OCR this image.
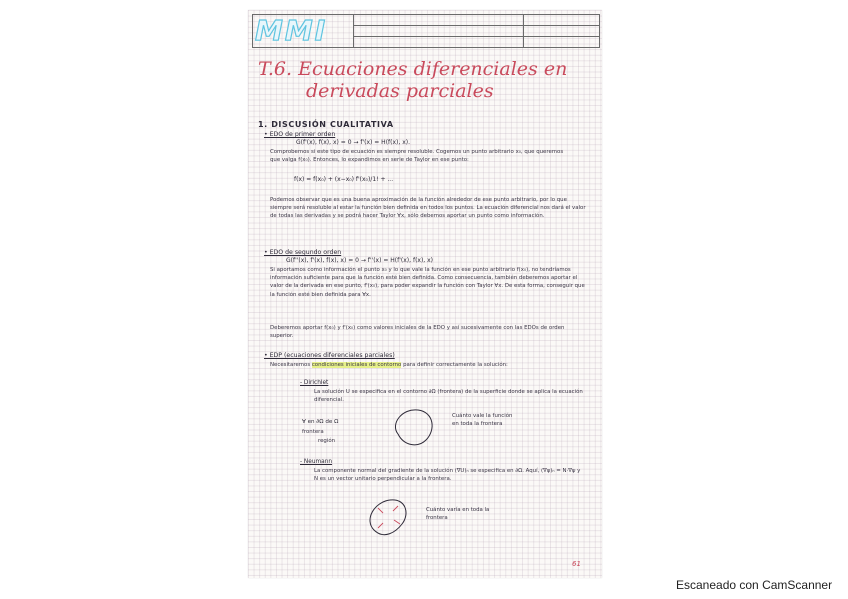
MMI
T.6. Ecuaciones diferenciales en
derivadas parciales
1. DISCUSIÓN CUALITATIVA
• EDO de primer orden
G(f'(x), f(x), x) = 0 → f'(x) = H(f(x), x).
Comprobemos si este tipo de ecuación es siempre resoluble. Cogemos un punto arbitrario x₀, que queremos que valga f(x₀). Entonces, lo expandimos en serie de Taylor en ese punto:
f(x) = f(x₀) + (x−x₀) f'(x₀)/1! + ...
Podemos observar que es una buena aproximación de la función alrededor de ese punto arbitrario, por lo que siempre será resoluble al estar la función bien definida en todos los puntos. La ecuación diferencial nos dará el valor de todas las derivadas y se podrá hacer Taylor ∀x, sólo debemos aportar un punto como información.
• EDO de segundo orden
G(f''(x), f'(x), f(x), x) = 0 → f''(x) = H(f'(x), f(x), x)
Si aportamos como información el punto x₀ y lo que vale la función en ese punto arbitrario f(x₀), no tendríamos información suficiente para que la función esté bien definida. Como consecuencia, también deberemos aportar el valor de la derivada en ese punto, f'(x₀), para poder expandir la función con Taylor ∀x. De esta forma, conseguir que la función esté bien definida para ∀x.
Deberemos aportar f(x₀) y f'(x₀) como valores iniciales de la EDO y así sucesivamente con las EDOs de orden superior.
• EDP (ecuaciones diferenciales parciales)
Necesitaremos condiciones iniciales de contorno para definir correctamente la solución:
- Dirichlet
La solución U se especifica en el contorno ∂Ω (frontera) de la superficie donde se aplica la ecuación diferencial.
∀ en ∂Ω de Ω
frontera
región
Cuánto vale la función en toda la frontera
- Neumann
La componente normal del gradiente de la solución (∇U)ₙ se especifica en ∂Ω. Aquí, (∇ψ)ₙ = N·∇ψ y N es un vector unitario perpendicular a la frontera.
Cuánto varía en toda la frontera
61
Escaneado con CamScanner
